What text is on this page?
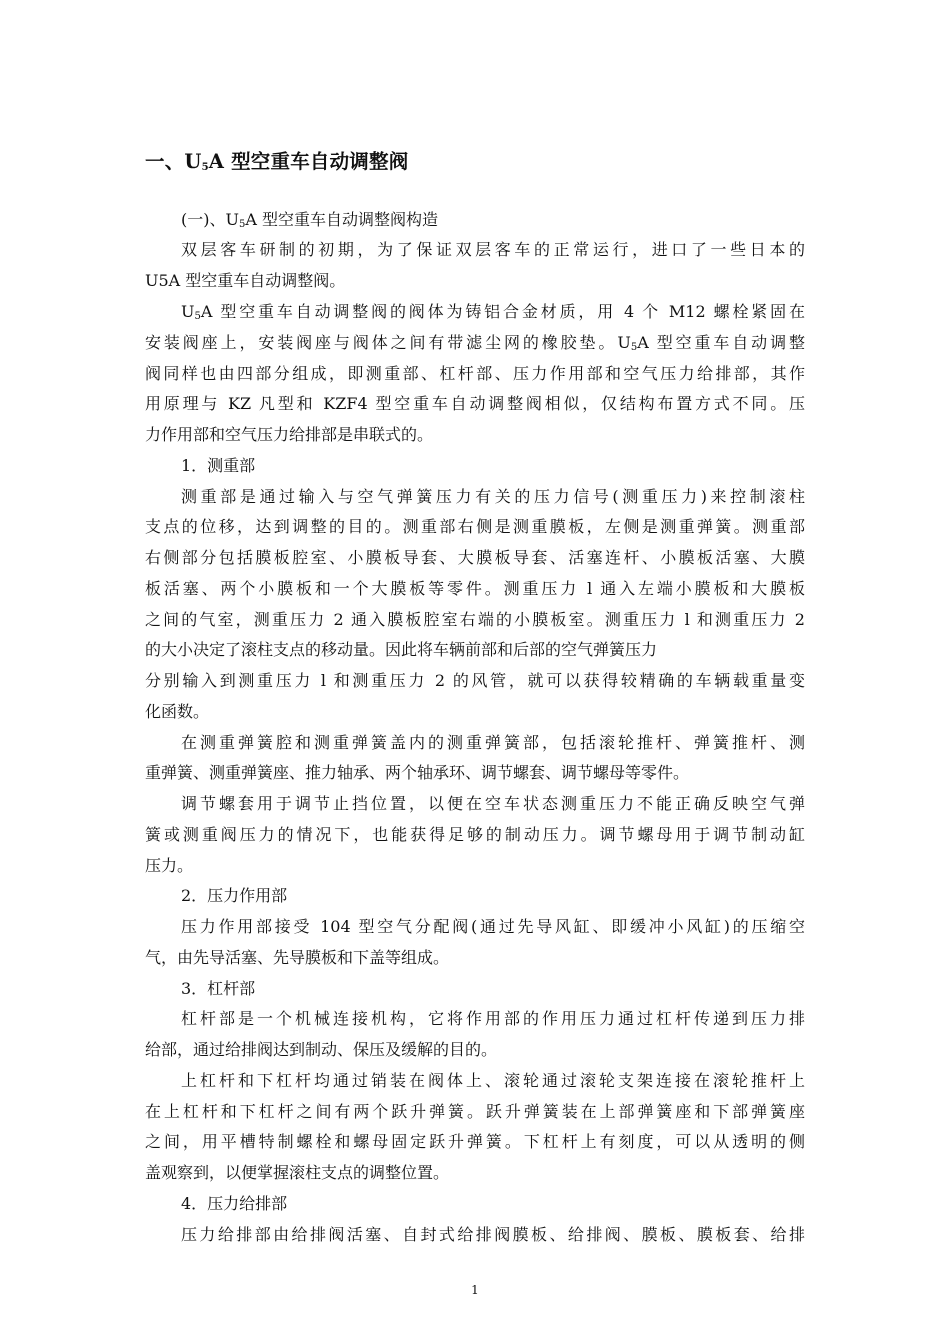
一、$U_5A$ 型空重车自动调整阀
(一)、$U_5A$ 型空重车自动调整阀构造
双层客车研制的初期，为了保证双层客车的正常运行，进口了一些日本的
U5A 型空重车自动调整阀。
$U_5A$ 型空重车自动调整阀的阀体为铸铝合金材质，用 4 个 M12 螺栓紧固在
安装阀座上，安装阀座与阀体之间有带滤尘网的橡胶垫。$U_5A$ 型空重车自动调整
阀同样也由四部分组成，即测重部、杠杆部、压力作用部和空气压力给排部，其作
用原理与 KZ 凡型和 KZF4 型空重车自动调整阀相似，仅结构布置方式不同。压
力作用部和空气压力给排部是串联式的。
1．测重部
测重部是通过输入与空气弹簧压力有关的压力信号(测重压力)来控制滚柱
支点的位移，达到调整的目的。测重部右侧是测重膜板，左侧是测重弹簧。测重部
右侧部分包括膜板腔室、小膜板导套、大膜板导套、活塞连杆、小膜板活塞、大膜
板活塞、两个小膜板和一个大膜板等零件。测重压力 l 通入左端小膜板和大膜板
之间的气室，测重压力 2 通入膜板腔室右端的小膜板室。测重压力 l 和测重压力 2
的大小决定了滚柱支点的移动量。因此将车辆前部和后部的空气弹簧压力
分别输入到测重压力 l 和测重压力 2 的风管，就可以获得较精确的车辆载重量变
化函数。
在测重弹簧腔和测重弹簧盖内的测重弹簧部，包括滚轮推杆、弹簧推杆、测
重弹簧、测重弹簧座、推力轴承、两个轴承环、调节螺套、调节螺母等零件。
调节螺套用于调节止挡位置，以便在空车状态测重压力不能正确反映空气弹
簧或测重阀压力的情况下，也能获得足够的制动压力。调节螺母用于调节制动缸
压力。
2．压力作用部
压力作用部接受 104 型空气分配阀(通过先导风缸、即缓冲小风缸)的压缩空
气，由先导活塞、先导膜板和下盖等组成。
3．杠杆部
杠杆部是一个机械连接机构，它将作用部的作用压力通过杠杆传递到压力排
给部，通过给排阀达到制动、保压及缓解的目的。
上杠杆和下杠杆均通过销装在阀体上、滚轮通过滚轮支架连接在滚轮推杆上
在上杠杆和下杠杆之间有两个跃升弹簧。跃升弹簧装在上部弹簧座和下部弹簧座
之间，用平槽特制螺栓和螺母固定跃升弹簧。下杠杆上有刻度，可以从透明的侧
盖观察到，以便掌握滚柱支点的调整位置。
4．压力给排部
压力给排部由给排阀活塞、自封式给排阀膜板、给排阀、膜板、膜板套、给排
1
